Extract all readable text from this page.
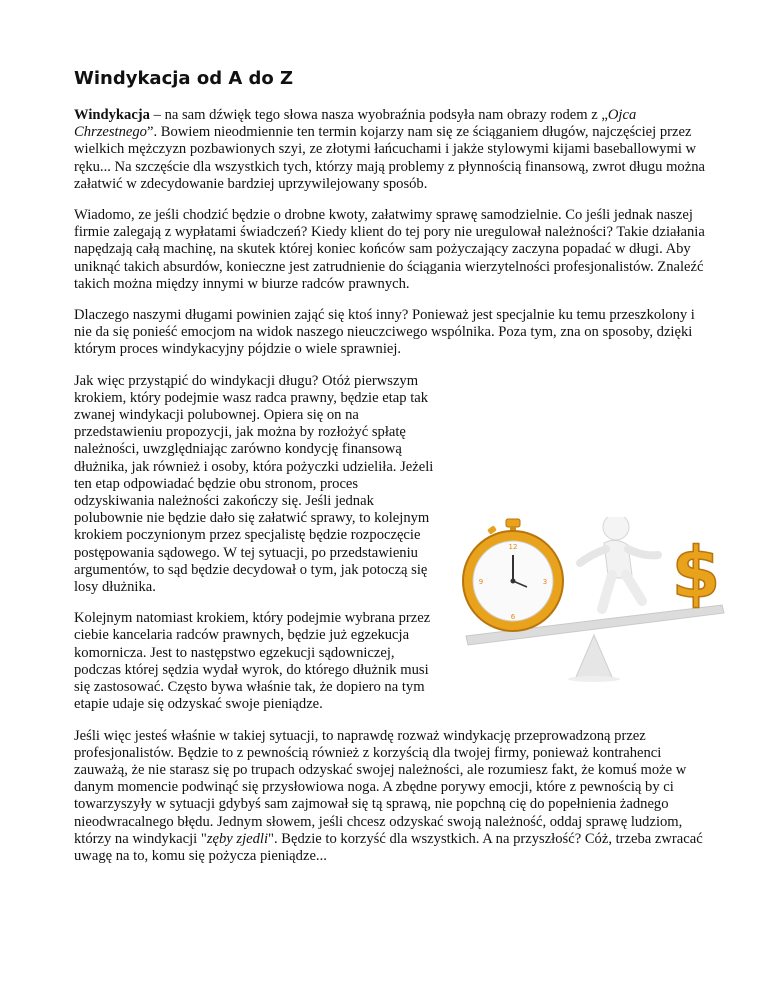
Windykacja od A do Z

Windykacja – na sam dźwięk tego słowa nasza wyobraźnia podsyła nam obrazy rodem z „Ojca Chrzestnego”. Bowiem nieodmiennie ten termin kojarzy nam się ze ściąganiem długów, najczęściej przez wielkich mężczyzn pozbawionych szyi, ze złotymi łańcuchami i jakże stylowymi kijami baseballowymi w ręku... Na szczęście dla wszystkich tych, którzy mają problemy z płynnością finansową, zwrot długu można załatwić w zdecydowanie bardziej uprzywilejowany sposób.

Wiadomo, ze jeśli chodzić będzie o drobne kwoty, załatwimy sprawę samodzielnie. Co jeśli jednak naszej firmie zalegają z wypłatami świadczeń? Kiedy klient do tej pory nie uregulował należności? Takie działania napędzają całą machinę, na skutek której koniec końców sam pożyczający zaczyna popadać w długi. Aby uniknąć takich absurdów, konieczne jest zatrudnienie do ściągania wierzytelności profesjonalistów. Znaleźć takich można między innymi w biurze radców prawnych.

Dlaczego naszymi długami powinien zająć się ktoś inny? Ponieważ jest specjalnie ku temu przeszkolony i nie da się ponieść emocjom na widok naszego nieuczciwego wspólnika. Poza tym, zna on sposoby, dzięki którym proces windykacyjny pójdzie o wiele sprawniej.

12
3
6
9	$

Jak więc przystąpić do windykacji długu? Otóż pierwszym krokiem, który podejmie wasz radca prawny, będzie etap tak zwanej windykacji polubownej. Opiera się on na przedstawieniu propozycji, jak można by rozłożyć spłatę należności, uwzględniając zarówno kondycję finansową dłużnika, jak również i osoby, która pożyczki udzieliła. Jeżeli ten etap odpowiadać będzie obu stronom, proces odzyskiwania należności zakończy się. Jeśli jednak polubownie nie będzie dało się załatwić sprawy, to kolejnym krokiem poczynionym przez specjalistę będzie rozpoczęcie postępowania sądowego. W tej sytuacji, po przedstawieniu argumentów, to sąd będzie decydował o tym, jak potoczą się losy dłużnika.

Kolejnym natomiast krokiem, który podejmie wybrana przez ciebie kancelaria radców prawnych, będzie już egzekucja komornicza. Jest to następstwo egzekucji sądowniczej, podczas której sędzia wydał wyrok, do którego dłużnik musi się zastosować. Często bywa właśnie tak, że dopiero na tym etapie udaje się odzyskać swoje pieniądze.

Jeśli więc jesteś właśnie w takiej sytuacji, to naprawdę rozważ windykację przeprowadzoną przez profesjonalistów. Będzie to z pewnością również z korzyścią dla twojej firmy, ponieważ kontrahenci zauważą, że nie starasz się po trupach odzyskać swojej należności, ale rozumiesz fakt, że komuś może w danym momencie podwinąć się przysłowiowa noga. A zbędne porywy emocji, które z pewnością by ci towarzyszyły w sytuacji gdybyś sam zajmował się tą sprawą, nie popchną cię do popełnienia żadnego nieodwracalnego błędu. Jednym słowem, jeśli chcesz odzyskać swoją należność, oddaj sprawę ludziom, którzy na windykacji "zęby zjedli". Będzie to korzyść dla wszystkich. A na przyszłość? Cóż, trzeba zwracać uwagę na to, komu się pożycza pieniądze...
